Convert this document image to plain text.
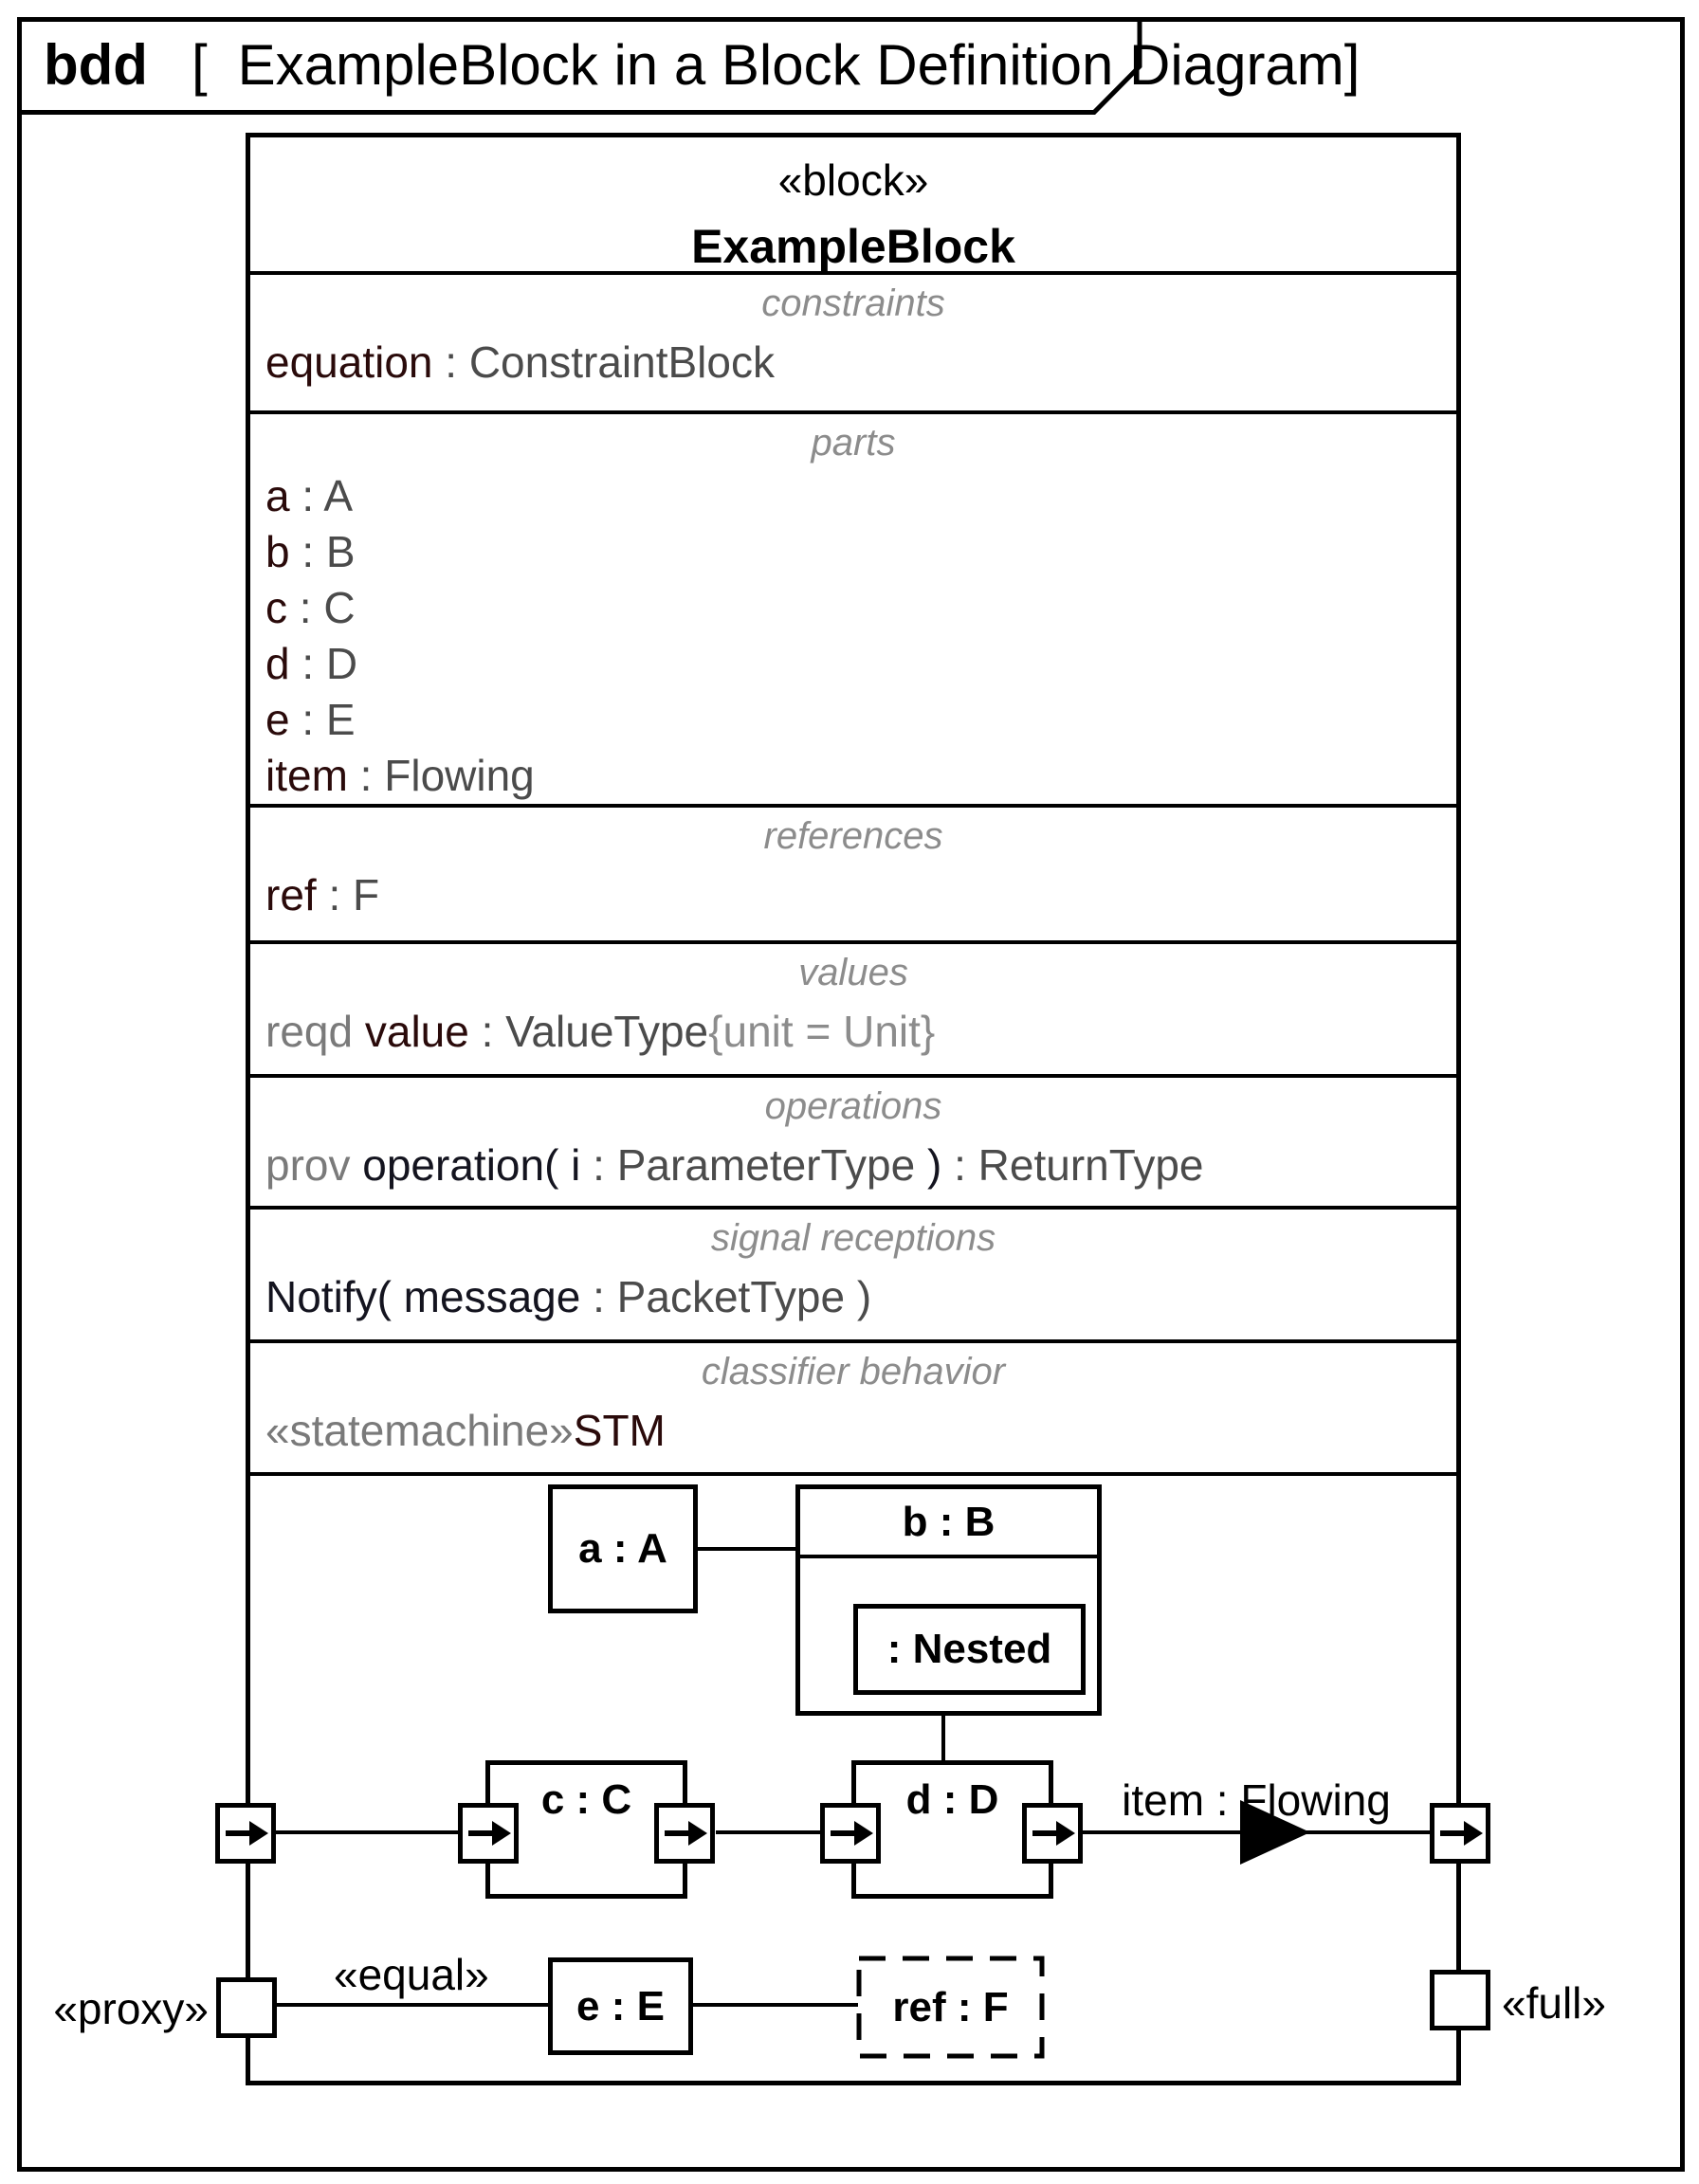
bdd [ ExampleBlock in a Block Definition Diagram]
«block»
ExampleBlock
constraints
equation : ConstraintBlock
parts
a : A
b : B
c : C
d : D
e : E
item : Flowing
references
ref : F
values
reqd value : ValueType{unit = Unit}
operations
prov operation( i : ParameterType ) : ReturnType
signal receptions
Notify( message : PacketType )
classifier behavior
«statemachine»STM
a : A
b : B
: Nested
c : C	d : D	item : Flowing
«proxy»
«equal»
«full»
e : E	ref : F
